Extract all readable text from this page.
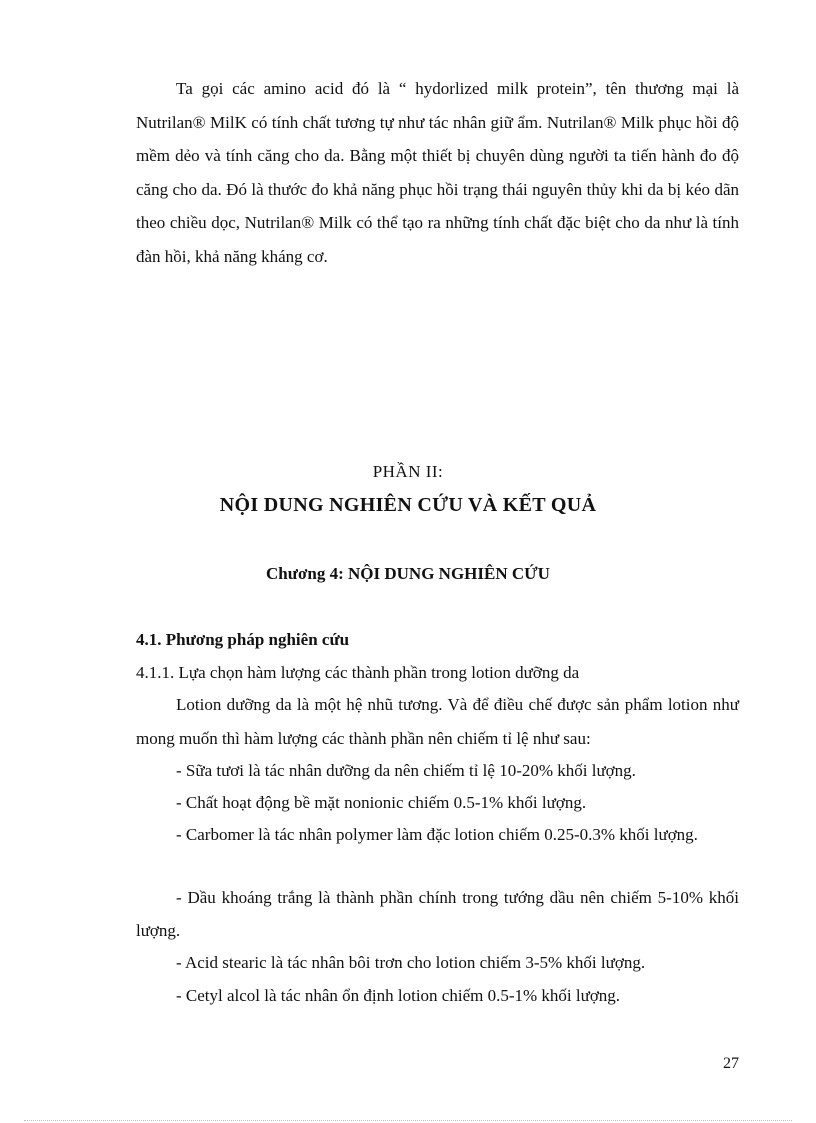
Ta gọi các amino acid đó là “ hydorlized milk protein”, tên thương mại là Nutrilan® MilK có tính chất tương tự như tác nhân giữ ẩm. Nutrilan® Milk phục hồi độ mềm dẻo và tính căng cho da. Bằng một thiết bị chuyên dùng người ta tiến hành đo độ căng cho da. Đó là thước đo khả năng phục hồi trạng thái nguyên thủy khi da bị kéo dãn theo chiều dọc, Nutrilan® Milk có thể tạo ra những tính chất đặc biệt cho da như là tính đàn hồi, khả năng kháng cơ.

PHẦN II:
NỘI DUNG NGHIÊN CỨU VÀ KẾT QUẢ
Chương 4: NỘI DUNG NGHIÊN CỨU
4.1. Phương pháp nghiên cứu
4.1.1. Lựa chọn hàm lượng các thành phần trong lotion dưỡng da

Lotion dưỡng da là một hệ nhũ tương. Và để điều chế được sản phẩm lotion như mong muốn thì hàm lượng các thành phần nên chiếm tỉ lệ như sau:

- Sữa tươi là tác nhân dưỡng da nên chiếm tỉ lệ 10-20% khối lượng.

- Chất hoạt động bề mặt nonionic chiếm 0.5-1% khối lượng.

- Carbomer là tác nhân polymer làm đặc lotion chiếm 0.25-0.3% khối lượng.

- Dầu khoáng trắng là thành phần chính trong tướng dầu nên chiếm 5-10% khối lượng.

- Acid stearic là tác nhân bôi trơn cho lotion chiếm 3-5% khối lượng.

- Cetyl alcol là tác nhân ổn định lotion chiếm 0.5-1% khối lượng.

27
